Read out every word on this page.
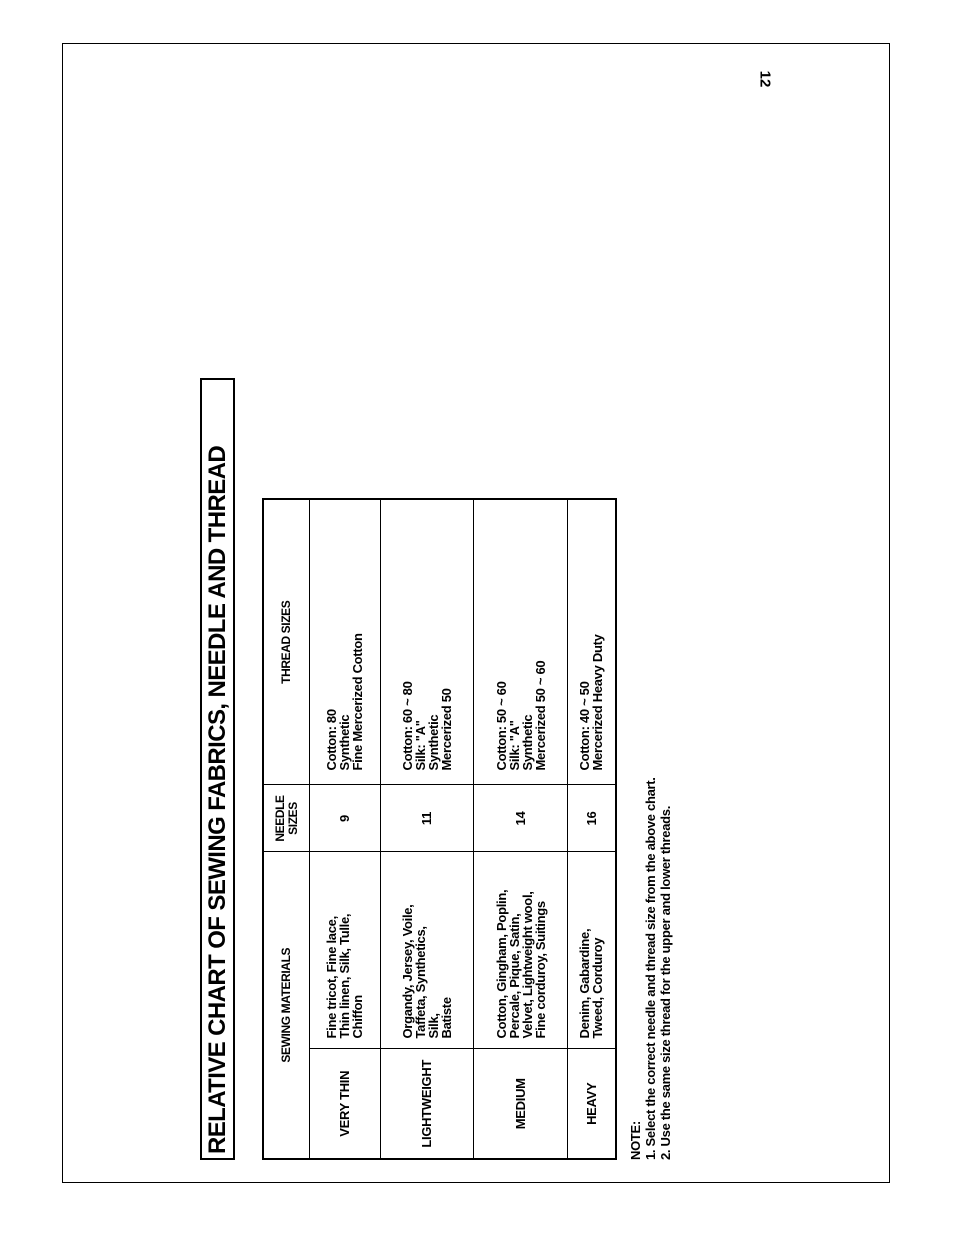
12
RELATIVE CHART OF SEWING FABRICS, NEEDLE AND THREAD	SEWING MATERIALS		NEEDLE SIZES	THREAD SIZES
VERY THIN	Fine tricot, Fine lace,
Thin linen, Silk, Tulle,
Chiffon	9	Cotton: 80
Synthetic
Fine Mercerized Cotton

LIGHTWEIGHT	Organdy, Jersey, Voile,
Taffeta, Synthetics,
Silk,
Batiste	11	Cotton: 60 ~ 80
Silk: "A"
Synthetic
Mercerized 50

MEDIUM	Cotton, Gingham, Poplin,
Percale, Pique, Satin,
Velvet, Lightweight wool,
Fine corduroy, Suitings	14	Cotton: 50 ~ 60
Silk: "A"
Synthetic
Mercerized 50 ~ 60

HEAVY	Denim, Gabardine,
Tweed, Corduroy	16	Cotton: 40 ~ 50
Mercerized Heavy Duty
NOTE: 1. Select the correct needle and thread size from the above chart. 2. Use the same size thread for the upper and lower threads.
